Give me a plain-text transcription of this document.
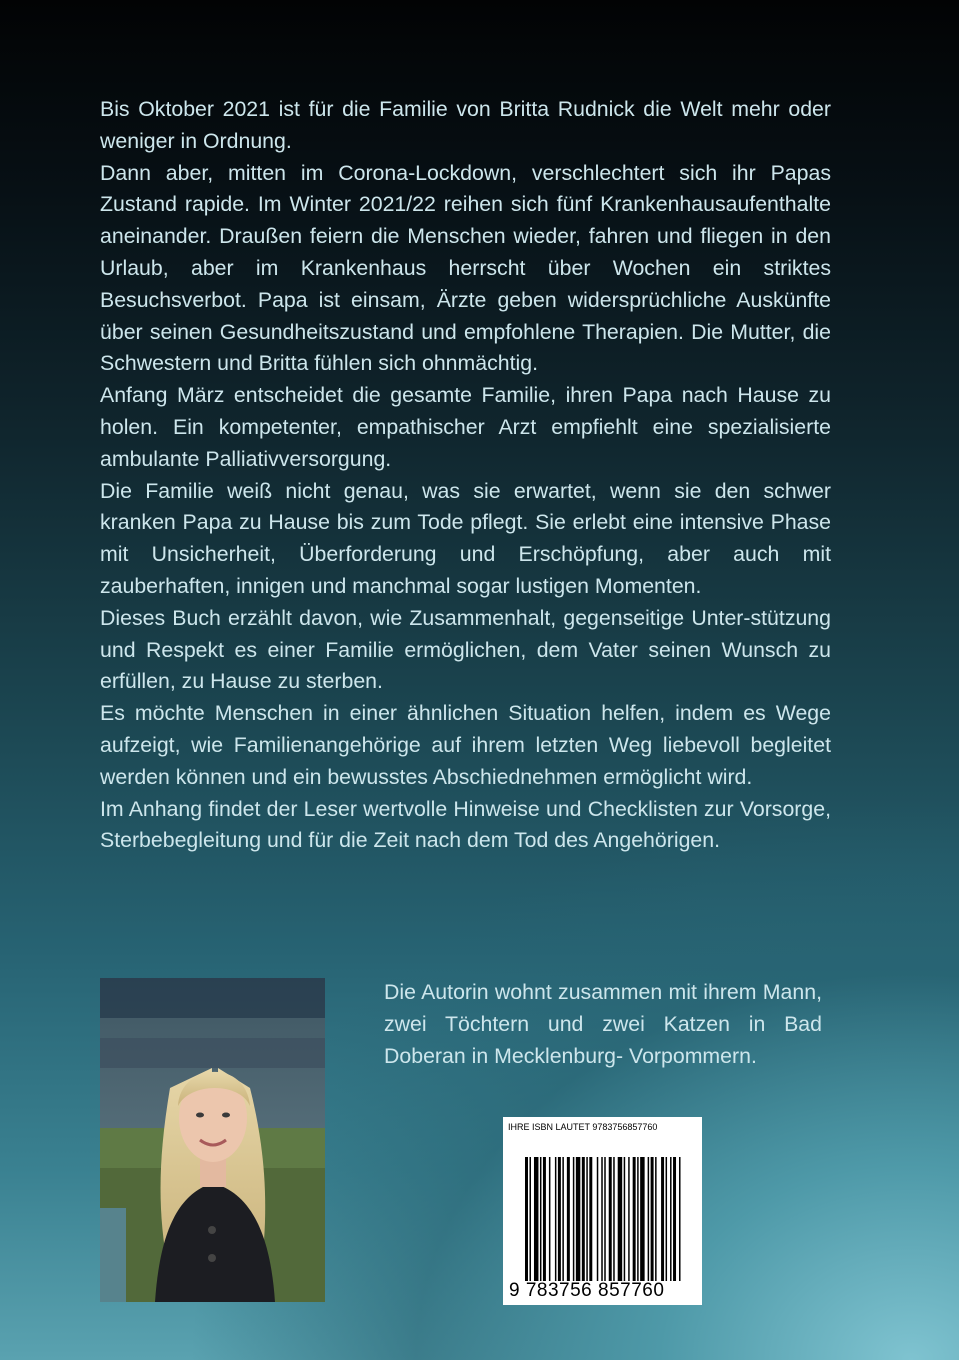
Bis Oktober 2021 ist für die Familie von Britta Rudnick die Welt mehr oder weniger in Ordnung.

Dann aber, mitten im Corona-Lockdown, verschlechtert sich ihr Papas Zustand rapide. Im Winter 2021/22 reihen sich fünf Krankenhausaufenthalte aneinander. Draußen feiern die Menschen wieder, fahren und fliegen in den Urlaub, aber im Krankenhaus herrscht über Wochen ein striktes Besuchsverbot. Papa ist einsam, Ärzte geben widersprüchliche Auskünfte über seinen Gesundheitszustand und empfohlene Therapien. Die Mutter, die Schwestern und Britta fühlen sich ohnmächtig.

Anfang März entscheidet die gesamte Familie, ihren Papa nach Hause zu holen. Ein kompetenter, empathischer Arzt empfiehlt eine spezialisierte ambulante Palliativversorgung.

Die Familie weiß nicht genau, was sie erwartet, wenn sie den schwer kranken Papa zu Hause bis zum Tode pflegt. Sie erlebt eine intensive Phase mit Unsicherheit, Überforderung und Erschöpfung, aber auch mit zauberhaften, innigen und manchmal sogar lustigen Momenten.

Dieses Buch erzählt davon, wie Zusammenhalt, gegenseitige Unter-stützung und Respekt es einer Familie ermöglichen, dem Vater seinen Wunsch zu erfüllen, zu Hause zu sterben.

Es möchte Menschen in einer ähnlichen Situation helfen, indem es Wege aufzeigt, wie Familienangehörige auf ihrem letzten Weg liebevoll begleitet werden können und ein bewusstes Abschiednehmen ermöglicht wird.

Im Anhang findet der Leser wertvolle Hinweise und Checklisten zur Vorsorge, Sterbebegleitung und für die Zeit nach dem Tod des Angehörigen.

Die Autorin wohnt zusammen mit ihrem Mann, zwei Töchtern und zwei Katzen in Bad Doberan in Mecklenburg- Vorpommern.

IHRE ISBN LAUTET 9783756857760
9 783756 857760
